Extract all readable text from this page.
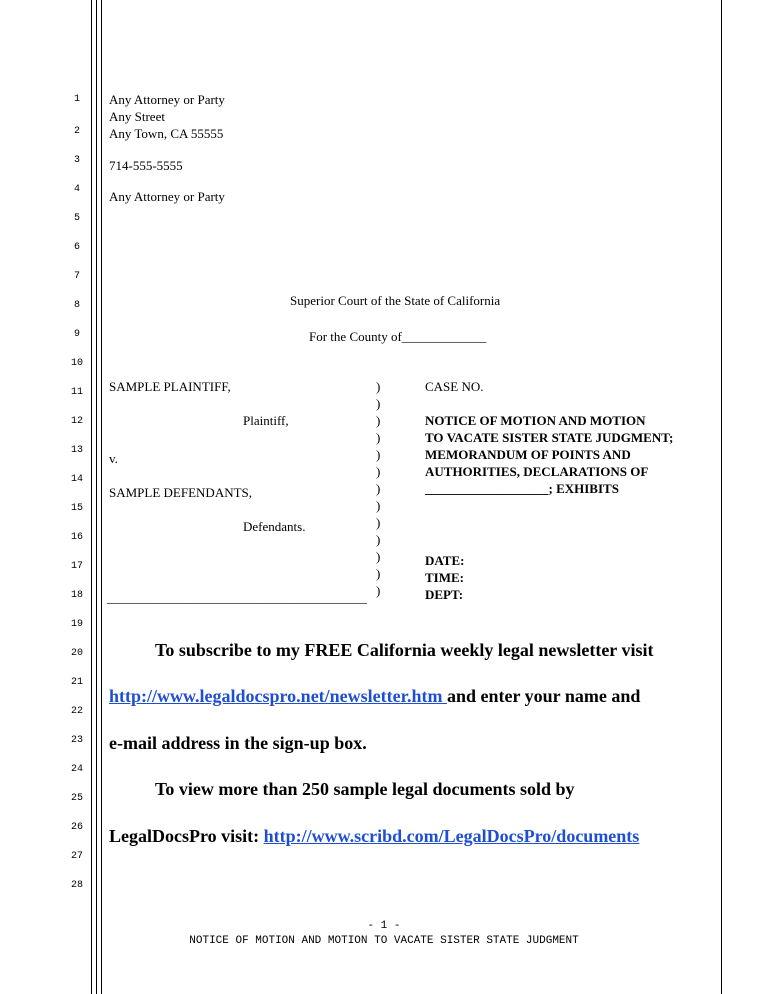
1
2
3
4
5
6
7
8
9
10
11
12
13
14
15
16
17
18
19
20
21
22
23
24
25
26
27
28
Any Attorney or Party
Any Street
Any Town, CA 55555
714-555-5555
Any Attorney or Party
Superior Court of the State of California
For the County of_____________
SAMPLE PLAINTIFF,
Plaintiff,
v.
SAMPLE DEFENDANTS,
Defendants.
________________________________________
)
)
)
)
)
)
)
)
)
)
)
)
)
CASE NO.
NOTICE OF MOTION AND MOTION
TO VACATE SISTER STATE JUDGMENT;
MEMORANDUM OF POINTS AND
AUTHORITIES, DECLARATIONS OF
___________________; EXHIBITS
DATE:
TIME:
DEPT:
To subscribe to my FREE California weekly legal newsletter visit
http://www.legaldocspro.net/newsletter.htm and enter your name and
e-mail address in the sign-up box.
To view more than 250 sample legal documents sold by
LegalDocsPro visit: http://www.scribd.com/LegalDocsPro/documents
- 1 -
NOTICE OF MOTION AND MOTION TO VACATE SISTER STATE JUDGMENT
